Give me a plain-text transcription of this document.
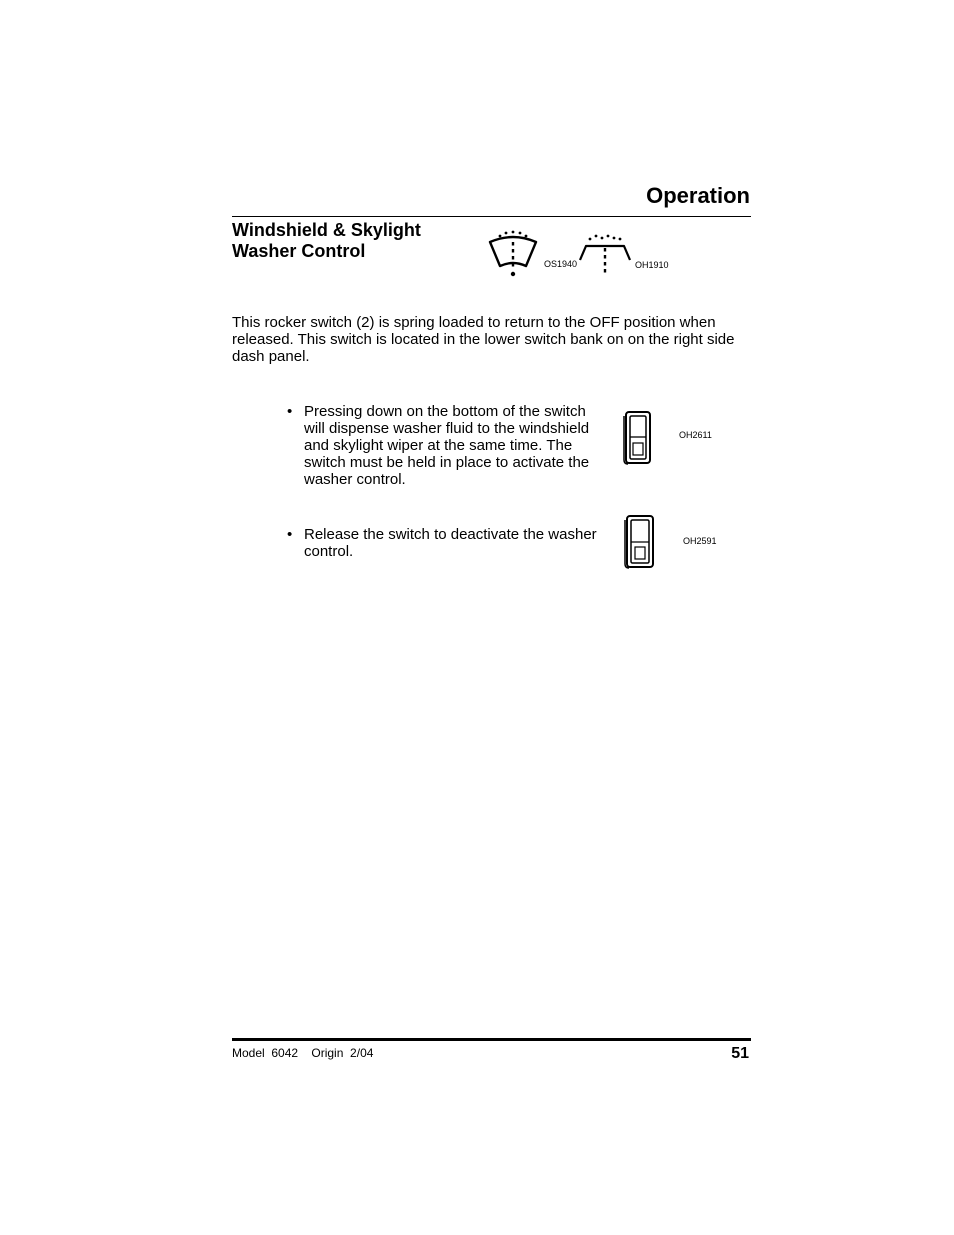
Operation
Windshield & Skylight
Washer Control
OS1940	OH1910
This rocker switch (2) is spring loaded to return to the OFF position when released. This switch is located in the lower switch bank on on the right side dash panel.
• Pressing down on the bottom of the switch
will dispense washer fluid to the windshield
and skylight wiper at the same time. The
switch must be held in place to activate the
washer control.
OH2611
• Release the switch to deactivate the washer
control.
OH2591
Model  6042    Origin  2/04	51
